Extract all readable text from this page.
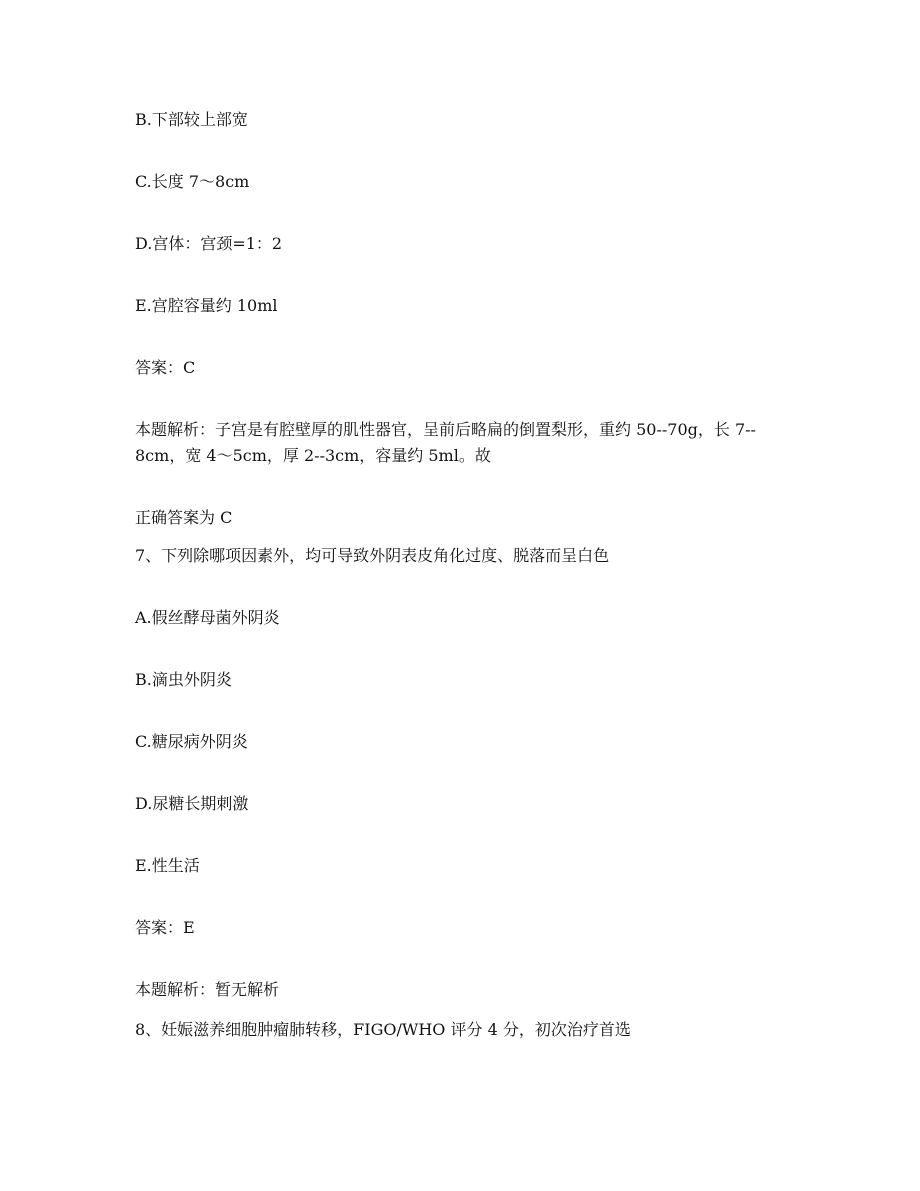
B.下部较上部宽

C.长度 7～8cm

D.宫体：宫颈=1：2

E.宫腔容量约 10ml

答案：C

本题解析：子宫是有腔壁厚的肌性器官，呈前后略扁的倒置梨形，重约 50--70g，长 7--

8cm，宽 4～5cm，厚 2--3cm，容量约 5ml。故

正确答案为 C

7、下列除哪项因素外，均可导致外阴表皮角化过度、脱落而呈白色

A.假丝酵母菌外阴炎

B.滴虫外阴炎

C.糖尿病外阴炎

D.尿糖长期刺激

E.性生活

答案：E

本题解析：暂无解析

8、妊娠滋养细胞肿瘤肺转移，FIGO/WHO 评分 4 分，初次治疗首选
